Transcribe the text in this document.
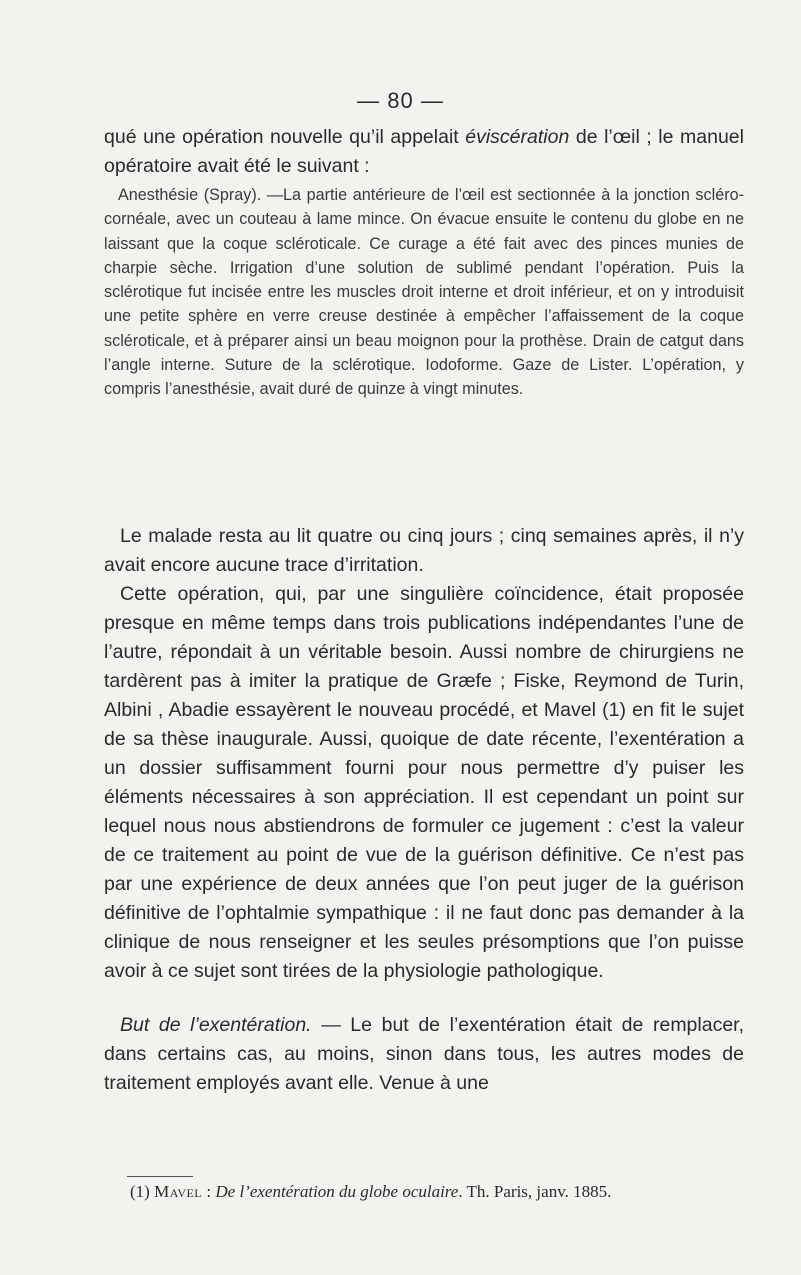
— 80 —

qué une opération nouvelle qu’il appelait éviscération de l’œil ; le manuel opératoire avait été le suivant :

Anesthésie (Spray). —La partie antérieure de l’œil est sectionnée à la jonction scléro-cornéale, avec un couteau à lame mince. On évacue ensuite le contenu du globe en ne laissant que la coque scléroticale. Ce curage a été fait avec des pinces munies de charpie sèche. Irrigation d’une solution de sublimé pendant l’opération. Puis la sclérotique fut incisée entre les muscles droit interne et droit inférieur, et on y introduisit une petite sphère en verre creuse destinée à empêcher l’affaissement de la coque scléroticale, et à préparer ainsi un beau moignon pour la prothèse. Drain de catgut dans l’angle interne. Suture de la sclérotique. Iodoforme. Gaze de Lister. L’opération, y compris l’anesthésie, avait duré de quinze à vingt minutes.

Le malade resta au lit quatre ou cinq jours ; cinq semaines après, il n’y avait encore aucune trace d’irritation.

Cette opération, qui, par une singulière coïncidence, était proposée presque en même temps dans trois publications indépendantes l’une de l’autre, répondait à un véritable besoin. Aussi nombre de chirurgiens ne tardèrent pas à imiter la pratique de Græfe ; Fiske, Reymond de Turin, Albini , Abadie essayèrent le nouveau procédé, et Mavel (1) en fit le sujet de sa thèse inaugurale. Aussi, quoique de date récente, l’exentération a un dossier suffisamment fourni pour nous permettre d’y puiser les éléments nécessaires à son appréciation. Il est cependant un point sur lequel nous nous abstiendrons de formuler ce jugement : c’est la valeur de ce traitement au point de vue de la guérison définitive. Ce n’est pas par une expérience de deux années que l’on peut juger de la guérison définitive de l’ophtalmie sympathique : il ne faut donc pas demander à la clinique de nous renseigner et les seules présomptions que l’on puisse avoir à ce sujet sont tirées de la physiologie pathologique.

But de l’exentération. — Le but de l’exentération était de remplacer, dans certains cas, au moins, sinon dans tous, les autres modes de traitement employés avant elle. Venue à une

(1) Mavel : De l’exentération du globe oculaire. Th. Paris, janv. 1885.
